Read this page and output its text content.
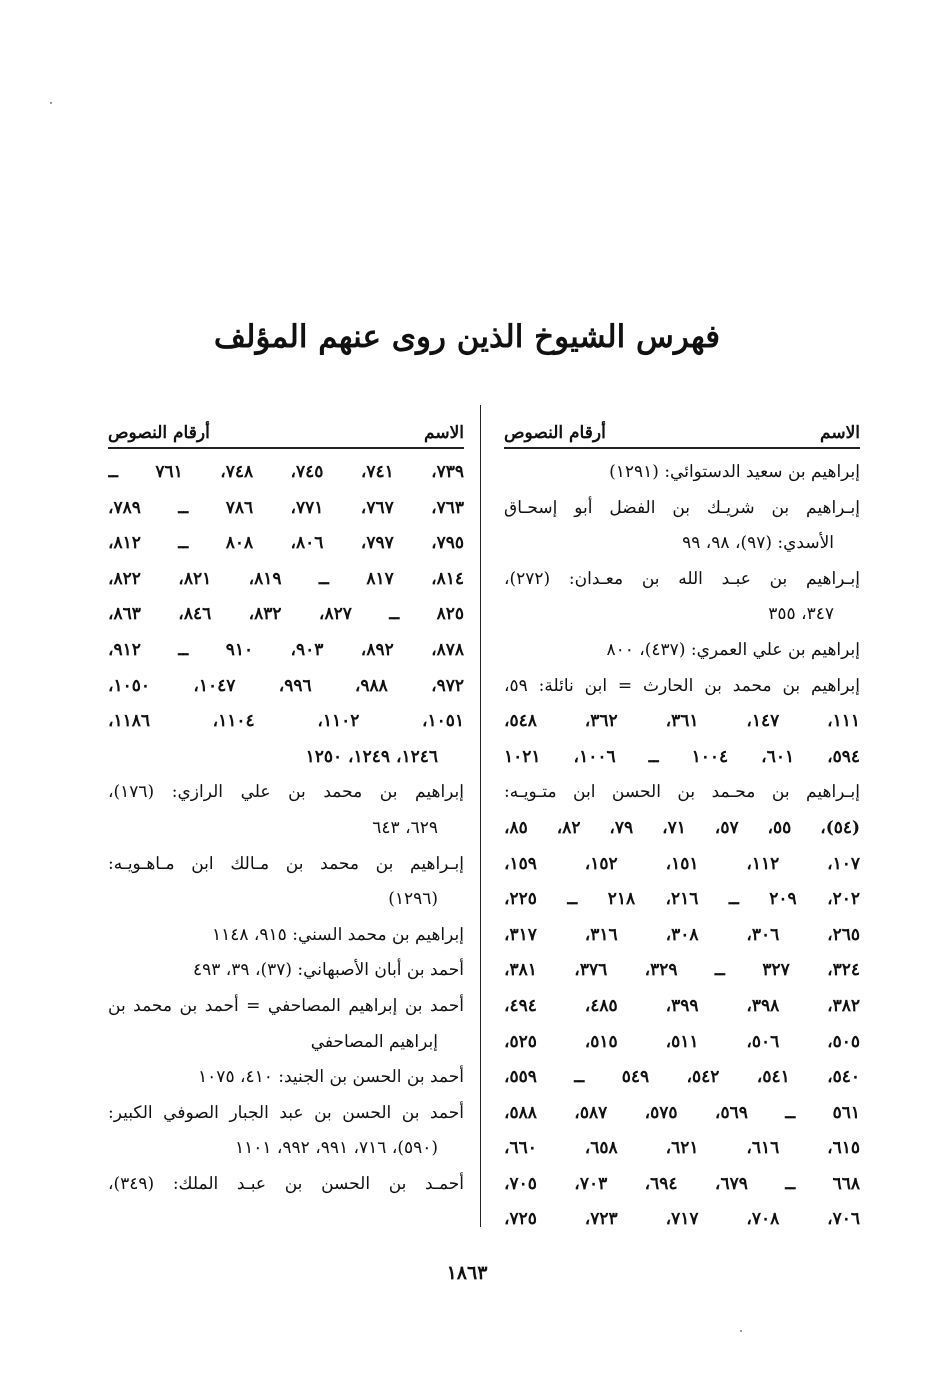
فهرس الشيوخ الذين روى عنهم المؤلف
الاسم
أرقام النصوص
إبراهيم بن سعيد الدستوائي: (١٢٩١)
إبـراهيم بن شريـك بن الفضل أبو إسحـاق
الأسدي: (٩٧)، ٩٨، ٩٩
إبـراهيم بن عبـد الله بن معـدان: (٢٧٢)،
٣٤٧، ٣٥٥
إبراهيم بن علي العمري: (٤٣٧)، ٨٠٠
إبراهيم بن محمد بن الحارث = ابن نائلة: ٥٩،
١١١، ١٤٧، ٣٦١، ٣٦٢، ٥٤٨،
٥٩٤، ٦٠١، ١٠٠٤ ــ ١٠٠٦، ١٠٢١
إبـراهيم بن محـمد بن الحسن ابن متـويـه:
(٥٤)، ٥٥، ٥٧، ٧١، ٧٩، ٨٢، ٨٥،
١٠٧، ١١٢، ١٥١، ١٥٢، ١٥٩،
٢٠٢، ٢٠٩ ــ ٢١٦، ٢١٨ ــ ٢٢٥،
٢٦٥، ٣٠٦، ٣٠٨، ٣١٦، ٣١٧،
٣٢٤، ٣٢٧ ــ ٣٢٩، ٣٧٦، ٣٨١،
٣٨٢، ٣٩٨، ٣٩٩، ٤٨٥، ٤٩٤،
٥٠٥، ٥٠٦، ٥١١، ٥١٥، ٥٢٥،
٥٤٠، ٥٤١، ٥٤٢، ٥٤٩ ــ ٥٥٩،
٥٦١ ــ ٥٦٩، ٥٧٥، ٥٨٧، ٥٨٨،
٦١٥، ٦١٦، ٦٢١، ٦٥٨، ٦٦٠،
٦٦٨ ــ ٦٧٩، ٦٩٤، ٧٠٣، ٧٠٥،
٧٠٦، ٧٠٨، ٧١٧، ٧٢٣، ٧٢٥،
الاسم
أرقام النصوص
٧٣٩، ٧٤١، ٧٤٥، ٧٤٨، ٧٦١ ــ
٧٦٣، ٧٦٧، ٧٧١، ٧٨٦ ــ ٧٨٩،
٧٩٥، ٧٩٧، ٨٠٦، ٨٠٨ ــ ٨١٢،
٨١٤، ٨١٧ ــ ٨١٩، ٨٢١، ٨٢٢،
٨٢٥ ــ ٨٢٧، ٨٣٢، ٨٤٦، ٨٦٣،
٨٧٨، ٨٩٢، ٩٠٣، ٩١٠ ــ ٩١٢،
٩٧٢، ٩٨٨، ٩٩٦، ١٠٤٧، ١٠٥٠،
١٠٥١، ١١٠٢، ١١٠٤، ١١٨٦،
١٢٤٦، ١٢٤٩، ١٢٥٠
إبراهيم بن محمد بن علي الرازي: (١٧٦)،
٦٢٩، ٦٤٣
إبـراهيم بن محمد بن مـالك ابن مـاهـويـه:
(١٢٩٦)
إبراهيم بن محمد السني: ٩١٥، ١١٤٨
أحمد بن أبان الأصبهاني: (٣٧)، ٣٩، ٤٩٣
أحمد بن إبراهيم المصاحفي = أحمد بن محمد بن
إبراهيم المصاحفي
أحمد بن الحسن بن الجنيد: ٤١٠، ١٠٧٥
أحمد بن الحسن بن عبد الجبار الصوفي الكبير:
(٥٩٠)، ٧١٦، ٩٩١، ٩٩٢، ١١٠١
أحمـد بن الحسن بن عبـد الملك: (٣٤٩)،
١٨٦٣
